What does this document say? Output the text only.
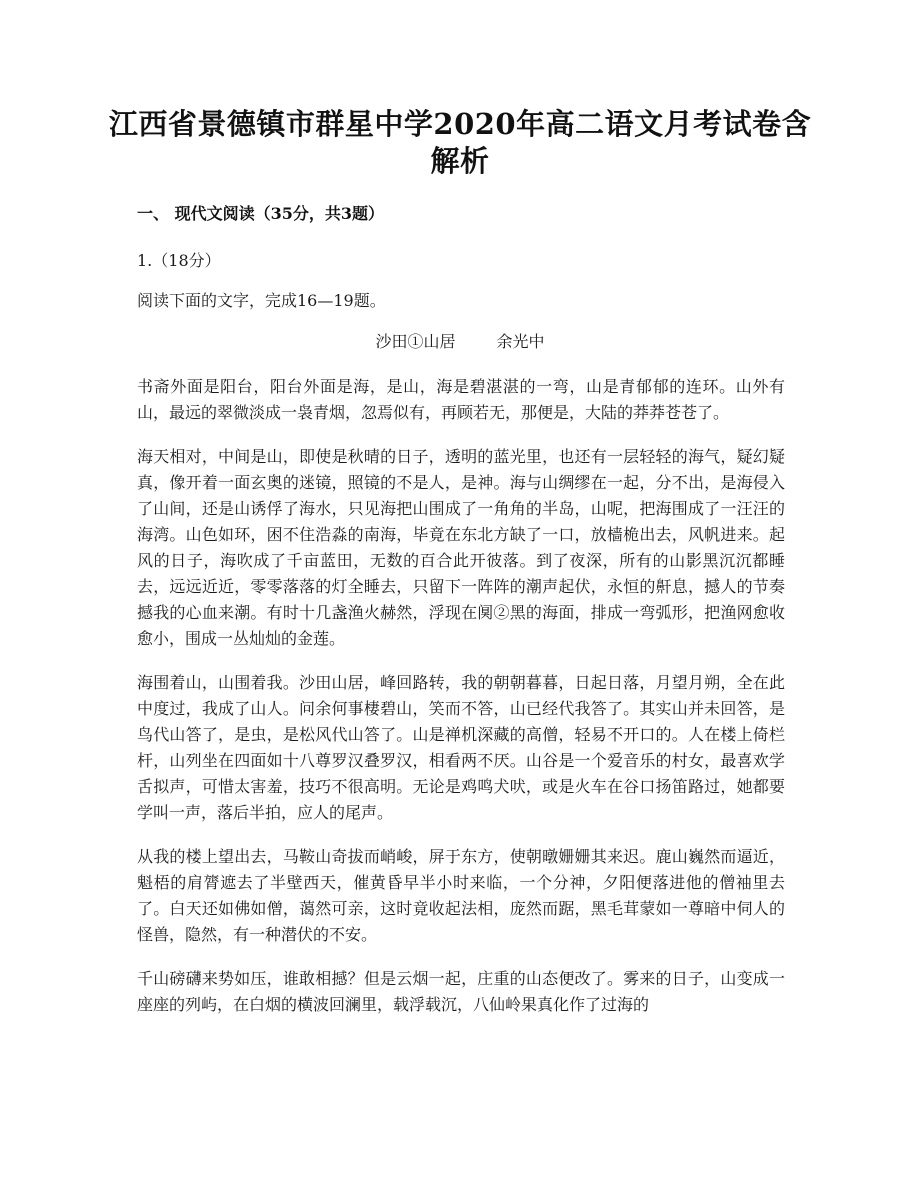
江西省景德镇市群星中学2020年高二语文月考试卷含解析
一、 现代文阅读（35分，共3题）
1.（18分）
阅读下面的文字，完成16—19题。
沙田①山居	余光中

书斋外面是阳台，阳台外面是海，是山，海是碧湛湛的一弯，山是青郁郁的连环。山外有山，最远的翠微淡成一袅青烟，忽焉似有，再顾若无，那便是，大陆的莽莽苍苍了。

海天相对，中间是山，即使是秋晴的日子，透明的蓝光里，也还有一层轻轻的海气，疑幻疑真，像开着一面玄奥的迷镜，照镜的不是人，是神。海与山绸缪在一起，分不出，是海侵入了山间，还是山诱俘了海水，只见海把山围成了一角角的半岛，山呢，把海围成了一汪汪的海湾。山色如环，困不住浩淼的南海，毕竟在东北方缺了一口，放樯桅出去，风帆进来。起风的日子，海吹成了千亩蓝田，无数的百合此开彼落。到了夜深，所有的山影黑沉沉都睡去，远远近近，零零落落的灯全睡去，只留下一阵阵的潮声起伏，永恒的鼾息，撼人的节奏撼我的心血来潮。有时十几盏渔火赫然，浮现在阒②黑的海面，排成一弯弧形，把渔网愈收愈小，围成一丛灿灿的金莲。

海围着山，山围着我。沙田山居，峰回路转，我的朝朝暮暮，日起日落，月望月朔，全在此中度过，我成了山人。问余何事棲碧山，笑而不答，山已经代我答了。其实山并未回答，是鸟代山答了，是虫，是松风代山答了。山是禅机深藏的高僧，轻易不开口的。人在楼上倚栏杆，山列坐在四面如十八尊罗汉叠罗汉，相看两不厌。山谷是一个爱音乐的村女，最喜欢学舌拟声，可惜太害羞，技巧不很高明。无论是鸡鸣犬吠，或是火车在谷口扬笛路过，她都要学叫一声，落后半拍，应人的尾声。

从我的楼上望出去，马鞍山奇拔而峭峻，屏于东方，使朝暾姗姗其来迟。鹿山巍然而逼近，魁梧的肩膂遮去了半壁西天，催黄昏早半小时来临，一个分神，夕阳便落进他的僧袖里去了。白天还如佛如僧，蔼然可亲，这时竟收起法相，庞然而踞，黑毛茸蒙如一尊暗中伺人的怪兽，隐然，有一种潜伏的不安。

千山磅礴来势如压，谁敢相撼？但是云烟一起，庄重的山态便改了。雾来的日子，山变成一座座的列屿，在白烟的横波回澜里，载浮载沉，八仙岭果真化作了过海的
